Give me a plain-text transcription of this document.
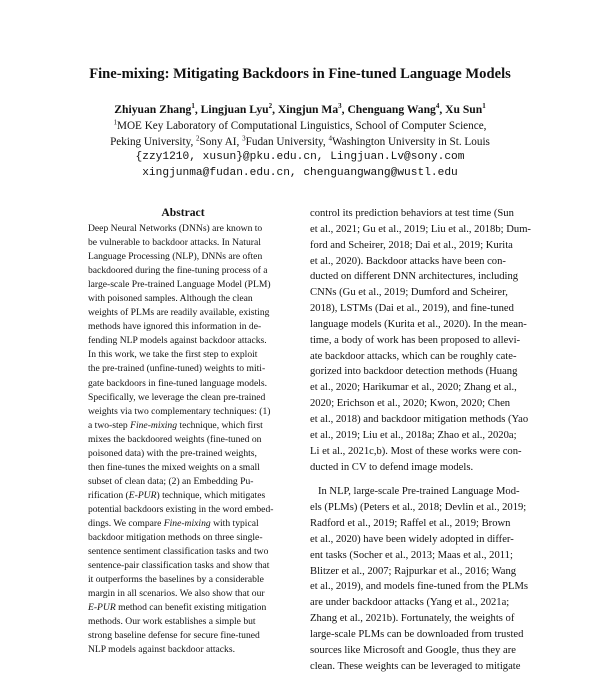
Fine-mixing: Mitigating Backdoors in Fine-tuned Language Models
Zhiyuan Zhang$^1$, Lingjuan Lyu$^2$, Xingjun Ma$^3$, Chenguang Wang$^4$, Xu Sun$^1$
$^1$MOE Key Laboratory of Computational Linguistics, School of Computer Science,
Peking University, $^2$Sony AI, $^3$Fudan University, $^4$Washington University in St. Louis
{zzy1210, xusun}@pku.edu.cn, Lingjuan.Lv@sony.com
xingjunma@fudan.edu.cn, chenguangwang@wustl.edu
Abstract
Deep Neural Networks (DNNs) are known to
be vulnerable to backdoor attacks. In Natural
Language Processing (NLP), DNNs are often
backdoored during the fine-tuning process of a
large-scale Pre-trained Language Model (PLM)
with poisoned samples. Although the clean
weights of PLMs are readily available, existing
methods have ignored this information in de-
fending NLP models against backdoor attacks.
In this work, we take the first step to exploit
the pre-trained (unfine-tuned) weights to miti-
gate backdoors in fine-tuned language models.
Specifically, we leverage the clean pre-trained
weights via two complementary techniques: (1)
a two-step Fine-mixing technique, which first
mixes the backdoored weights (fine-tuned on
poisoned data) with the pre-trained weights,
then fine-tunes the mixed weights on a small
subset of clean data; (2) an Embedding Pu-
rification (E-PUR) technique, which mitigates
potential backdoors existing in the word embed-
dings. We compare Fine-mixing with typical
backdoor mitigation methods on three single-
sentence sentiment classification tasks and two
sentence-pair classification tasks and show that
it outperforms the baselines by a considerable
margin in all scenarios. We also show that our
E-PUR method can benefit existing mitigation
methods. Our work establishes a simple but
strong baseline defense for secure fine-tuned
NLP models against backdoor attacks.
control its prediction behaviors at test time (Sun
et al., 2021; Gu et al., 2019; Liu et al., 2018b; Dum-
ford and Scheirer, 2018; Dai et al., 2019; Kurita
et al., 2020). Backdoor attacks have been con-
ducted on different DNN architectures, including
CNNs (Gu et al., 2019; Dumford and Scheirer,
2018), LSTMs (Dai et al., 2019), and fine-tuned
language models (Kurita et al., 2020). In the mean-
time, a body of work has been proposed to allevi-
ate backdoor attacks, which can be roughly cate-
gorized into backdoor detection methods (Huang
et al., 2020; Harikumar et al., 2020; Zhang et al.,
2020; Erichson et al., 2020; Kwon, 2020; Chen
et al., 2018) and backdoor mitigation methods (Yao
et al., 2019; Liu et al., 2018a; Zhao et al., 2020a;
Li et al., 2021c,b). Most of these works were con-
ducted in CV to defend image models.
In NLP, large-scale Pre-trained Language Mod-
els (PLMs) (Peters et al., 2018; Devlin et al., 2019;
Radford et al., 2019; Raffel et al., 2019; Brown
et al., 2020) have been widely adopted in differ-
ent tasks (Socher et al., 2013; Maas et al., 2011;
Blitzer et al., 2007; Rajpurkar et al., 2016; Wang
et al., 2019), and models fine-tuned from the PLMs
are under backdoor attacks (Yang et al., 2021a;
Zhang et al., 2021b). Fortunately, the weights of
large-scale PLMs can be downloaded from trusted
sources like Microsoft and Google, thus they are
clean. These weights can be leveraged to mitigate
